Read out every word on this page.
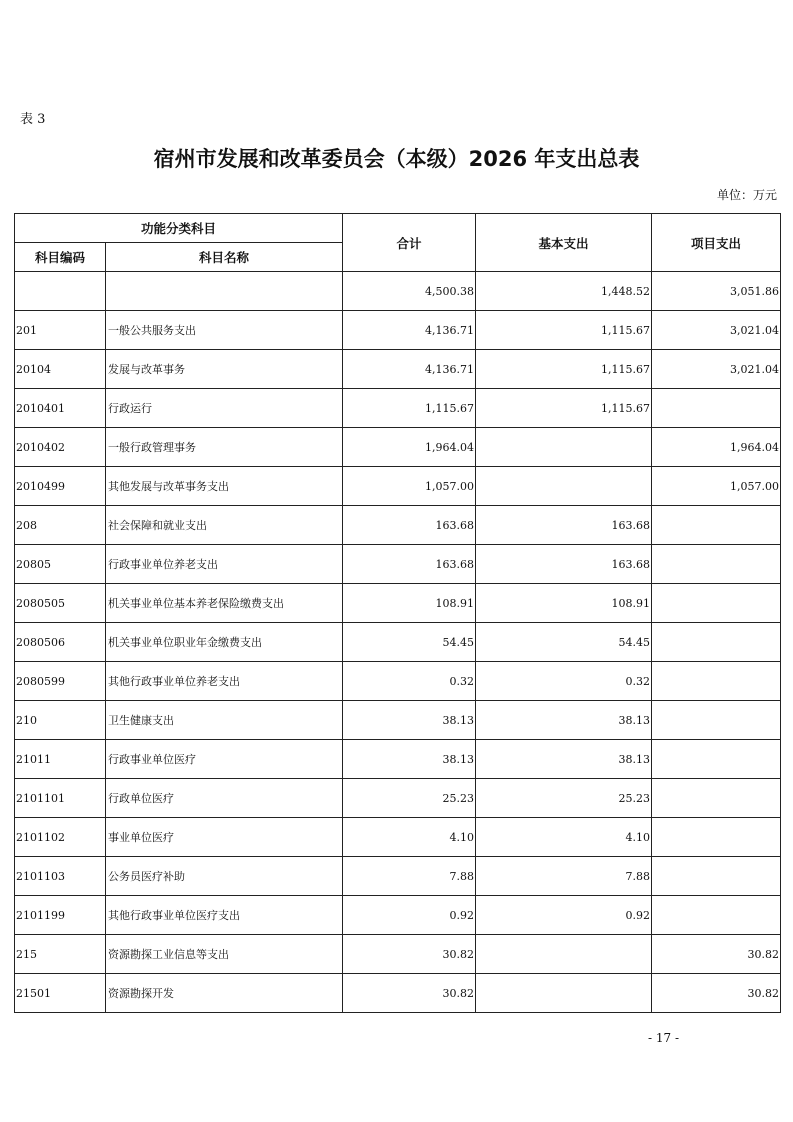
表 3
宿州市发展和改革委员会（本级）2026 年支出总表
单位：万元
功能分类科目		合计	基本支出	项目支出
科目编码	科目名称			
		4,500.38	1,448.52	3,051.86
201	一般公共服务支出	4,136.71	1,115.67	3,021.04
20104	发展与改革事务	4,136.71	1,115.67	3,021.04
2010401	行政运行	1,115.67	1,115.67	
2010402	一般行政管理事务	1,964.04		1,964.04
2010499	其他发展与改革事务支出	1,057.00		1,057.00
208	社会保障和就业支出	163.68	163.68	
20805	行政事业单位养老支出	163.68	163.68	
2080505	机关事业单位基本养老保险缴费支出	108.91	108.91	
2080506	机关事业单位职业年金缴费支出	54.45	54.45	
2080599	其他行政事业单位养老支出	0.32	0.32	
210	卫生健康支出	38.13	38.13	
21011	行政事业单位医疗	38.13	38.13	
2101101	行政单位医疗	25.23	25.23	
2101102	事业单位医疗	4.10	4.10	
2101103	公务员医疗补助	7.88	7.88	
2101199	其他行政事业单位医疗支出	0.92	0.92	
215	资源勘探工业信息等支出	30.82		30.82
21501	资源勘探开发	30.82		30.82
- 17 -
